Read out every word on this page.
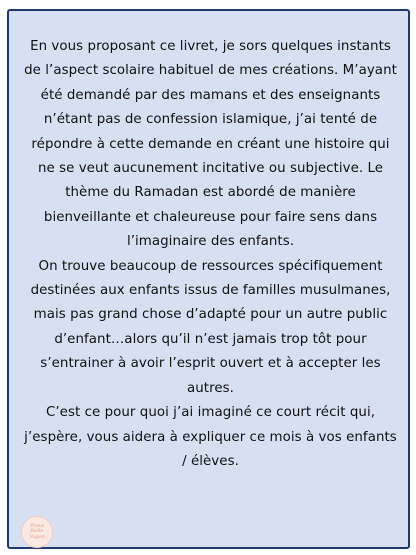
En vous proposant ce livret, je sors quelques instants de l’aspect scolaire habituel de mes créations. M’ayant été demandé par des mamans et des enseignants n’étant pas de confession islamique, j’ai tenté de répondre à cette demande en créant une histoire qui ne se veut aucunement incitative ou subjective. Le thème du Ramadan est abordé de manière bienveillante et chaleureuse pour faire sens dans l’imaginaire des enfants.

On trouve beaucoup de ressources spécifiquement destinées aux enfants issus de familles musulmanes, mais pas grand chose d’adapté pour un autre public d’enfant…alors qu’il n’est jamais trop tôt pour s’entrainer à avoir l’esprit ouvert et à accepter les autres.

C’est ce pour quoi j’ai imaginé ce court récit qui, j’espère, vous aidera à expliquer ce mois à vos enfants / élèves.

Prout
Belle
Vogen
